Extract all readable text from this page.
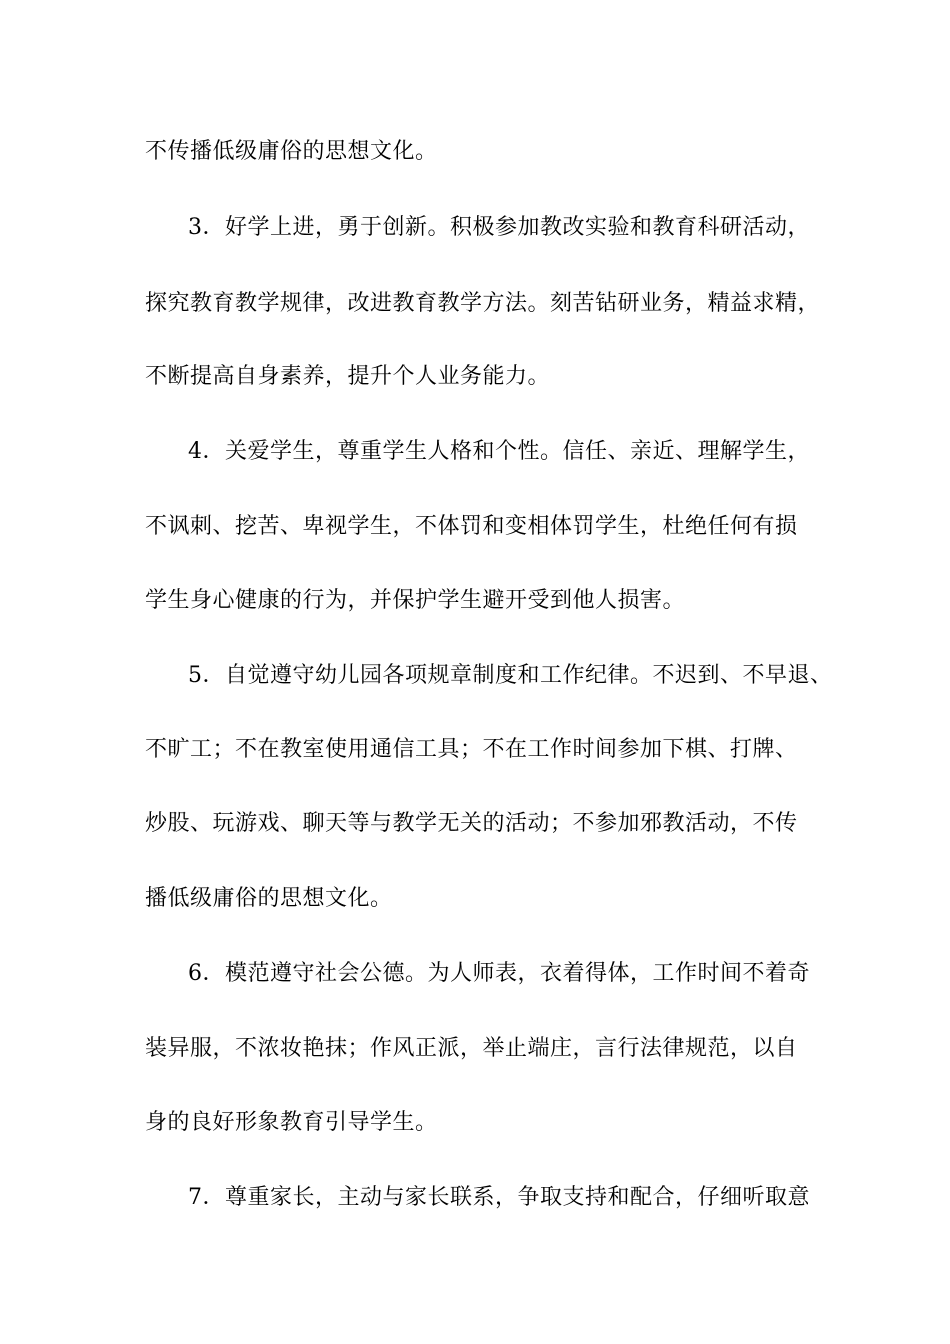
不传播低级庸俗的思想文化。
3．好学上进，勇于创新。积极参加教改实验和教育科研活动，
探究教育教学规律，改进教育教学方法。刻苦钻研业务，精益求精，
不断提高自身素养，提升个人业务能力。
4．关爱学生，尊重学生人格和个性。信任、亲近、理解学生，
不讽刺、挖苦、卑视学生，不体罚和变相体罚学生，杜绝任何有损
学生身心健康的行为，并保护学生避开受到他人损害。
5．自觉遵守幼儿园各项规章制度和工作纪律。不迟到、不早退、
不旷工；不在教室使用通信工具；不在工作时间参加下棋、打牌、
炒股、玩游戏、聊天等与教学无关的活动；不参加邪教活动，不传
播低级庸俗的思想文化。
6．模范遵守社会公德。为人师表，衣着得体，工作时间不着奇
装异服，不浓妆艳抹；作风正派，举止端庄，言行法律规范，以自
身的良好形象教育引导学生。
7．尊重家长，主动与家长联系，争取支持和配合，仔细听取意
